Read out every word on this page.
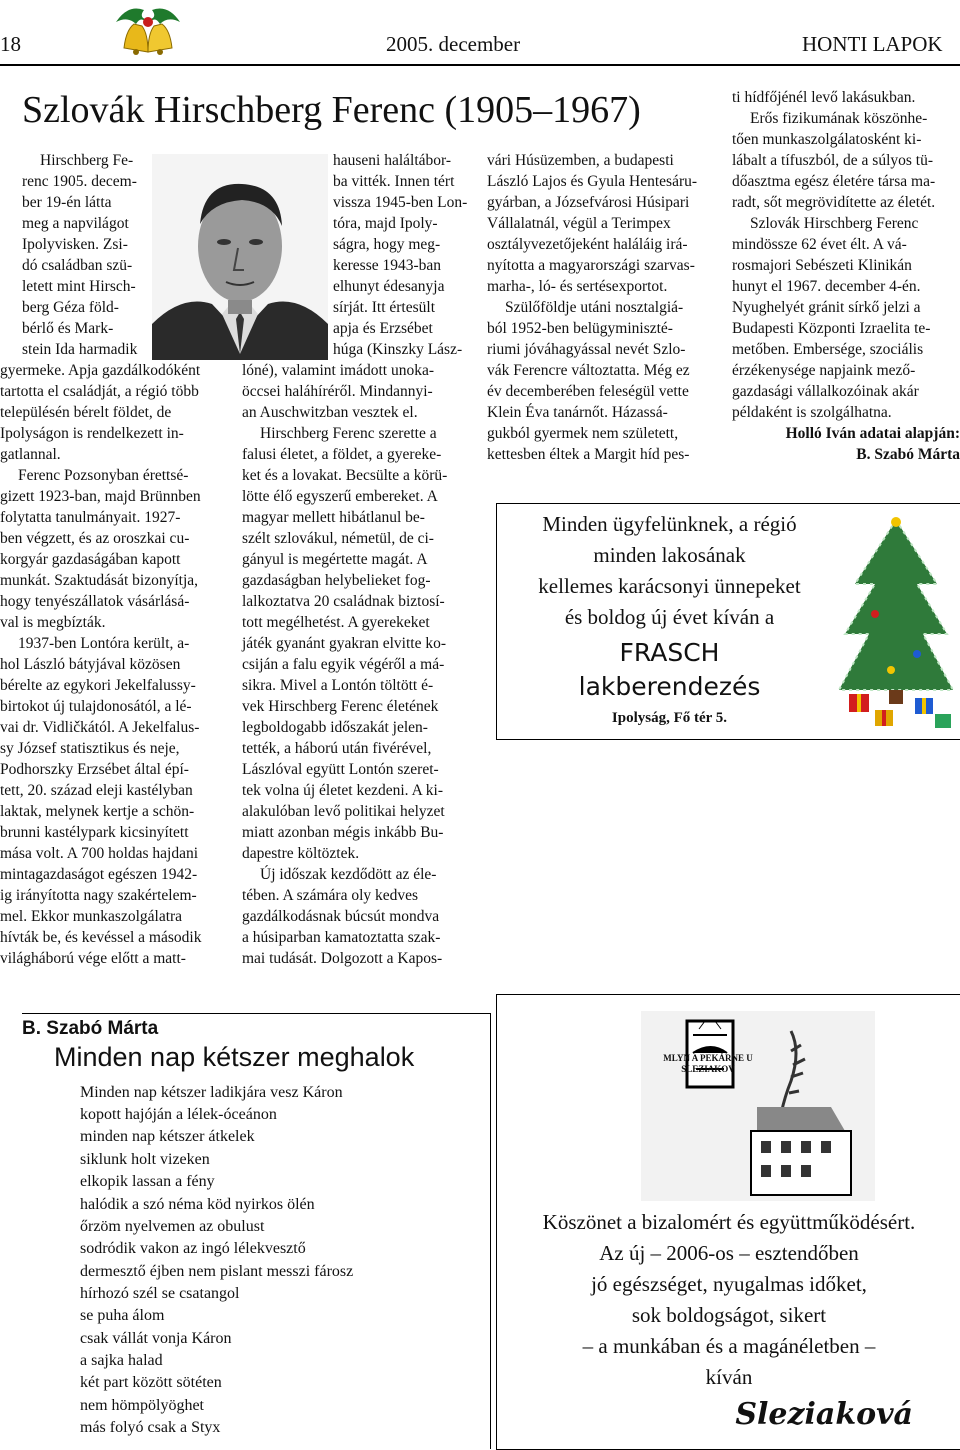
18	2005. december	HONTI LAPOK
Szlovák Hirschberg Ferenc (1905–1967)
Hirschberg Fe-
renc 1905. decem-
ber 19-én látta
meg a napvilágot
Ipolyvisken. Zsi-
dó családban szü-
letett mint Hirsch-
berg Géza föld-
bérlő és Mark-
stein Ida harmadik
gyermeke. Apja gazdálkodóként
tartotta el családját, a régió több
településén bérelt földet, de
Ipolyságon is rendelkezett in-
gatlannal.
Ferenc Pozsonyban érettsé-
gizett 1923-ban, majd Brünnben
folytatta tanulmányait. 1927-
ben végzett, és az oroszkai cu-
korgyár gazdaságában kapott
munkát. Szaktudását bizonyítja,
hogy tenyészállatok vásárlásá-
val is megbízták.
1937-ben Lontóra került, a-
hol László bátyjával közösen
bérelte az egykori Jekelfalussy-
birtokot új tulajdonosától, a lé-
vai dr. Vidličkától. A Jekelfalus-
sy József statisztikus és neje,
Podhorszky Erzsébet által épí-
tett, 20. század eleji kastélyban
laktak, melynek kertje a schön-
brunni kastélypark kicsinyített
mása volt. A 700 holdas hajdani
mintagazdaságot egészen 1942-
ig irányította nagy szakértelem-
mel. Ekkor munkaszolgálatra
hívták be, és kevéssel a második
világháború vége előtt a matt-
hauseni haláltábor-
ba vitték. Innen tért
vissza 1945-ben Lon-
tóra, majd Ipoly-
ságra, hogy meg-
keresse 1943-ban
elhunyt édesanyja
sírját. Itt értesült
apja és Erzsébet
húga (Kinszky Lász-
lóné), valamint imádott unoka-
öccsei haláhíréről. Mindannyi-
an Auschwitzban vesztek el.
Hirschberg Ferenc szerette a
falusi életet, a földet, a gyereke-
ket és a lovakat. Becsülte a körü-
lötte élő egyszerű embereket. A
magyar mellett hibátlanul be-
szélt szlovákul, németül, de ci-
gányul is megértette magát. A
gazdaságban helybelieket fog-
lalkoztatva 20 családnak biztosí-
tott megélhetést. A gyerekeket
játék gyanánt gyakran elvitte ko-
csiján a falu egyik végéről a má-
sikra. Mivel a Lontón töltött é-
vek Hirschberg Ferenc életének
legboldogabb időszakát jelen-
tették, a háború után fivérével,
Lászlóval együtt Lontón szeret-
tek volna új életet kezdeni. A ki-
alakulóban levő politikai helyzet
miatt azonban mégis inkább Bu-
dapestre költöztek.
Új időszak kezdődött az éle-
tében. A számára oly kedves
gazdálkodásnak búcsút mondva
a húsiparban kamatoztatta szak-
mai tudását. Dolgozott a Kapos-
vári Húsüzemben, a budapesti
László Lajos és Gyula Hentesáru-
gyárban, a Józsefvárosi Húsipari
Vállalatnál, végül a Terimpex
osztályvezetőjeként haláláig irá-
nyította a magyarországi szarvas-
marha-, ló- és sertésexportot.
Szülőföldje utáni nosztalgiá-
ból 1952-ben belügyminiszté-
riumi jóváhagyással nevét Szlo-
vák Ferencre változtatta. Még ez
év decemberében feleségül vette
Klein Éva tanárnőt. Házassá-
gukból gyermek nem született,
kettesben éltek a Margit híd pes-
ti hídfőjénél levő lakásukban.
Erős fizikumának köszönhe-
tően munkaszolgálatosként ki-
lábalt a tífuszból, de a súlyos tü-
dőasztma egész életére társa ma-
radt, sőt megrövidítette az életét.
Szlovák Hirschberg Ferenc
mindössze 62 évet élt. A vá-
rosmajori Sebészeti Klinikán
hunyt el 1967. december 4-én.
Nyughelyét gránit sírkő jelzi a
Budapesti Központi Izraelita te-
metőben. Embersége, szociális
érzékenysége napjaink mező-
gazdasági vállalkozóinak akár
példaként is szolgálhatna.
Holló Iván adatai alapján:
B. Szabó Márta
Minden ügyfelünknek, a régió
minden lakosának
kellemes karácsonyi ünnepeket
és boldog új évet kíván a
FRASCH
lakberendezés
Ipolyság, Fő tér 5.
MLYN A PEKÁRNE U SLEZIAKOV
Köszönet a bizalomért és együttműködésért.
Az új – 2006-os – esztendőben
jó egészséget, nyugalmas időket,
sok boldogságot, sikert
– a munkában és a magánéletben –
kíván
Sleziaková
B. Szabó Márta
Minden nap kétszer meghalok
Minden nap kétszer ladikjára vesz Káron
kopott hajóján a lélek-óceánon
minden nap kétszer átkelek
siklunk holt vizeken
elkopik lassan a fény
halódik a szó néma köd nyirkos ölén
őrzöm nyelvemen az obulust
sodródik vakon az ingó lélekvesztő
dermesztő éjben nem pislant messzi fárosz
hírhozó szél se csatangol
se puha álom
csak vállát vonja Káron
a sajka halad
két part között sötéten
nem hömpölyöghet
más folyó csak a Styx
